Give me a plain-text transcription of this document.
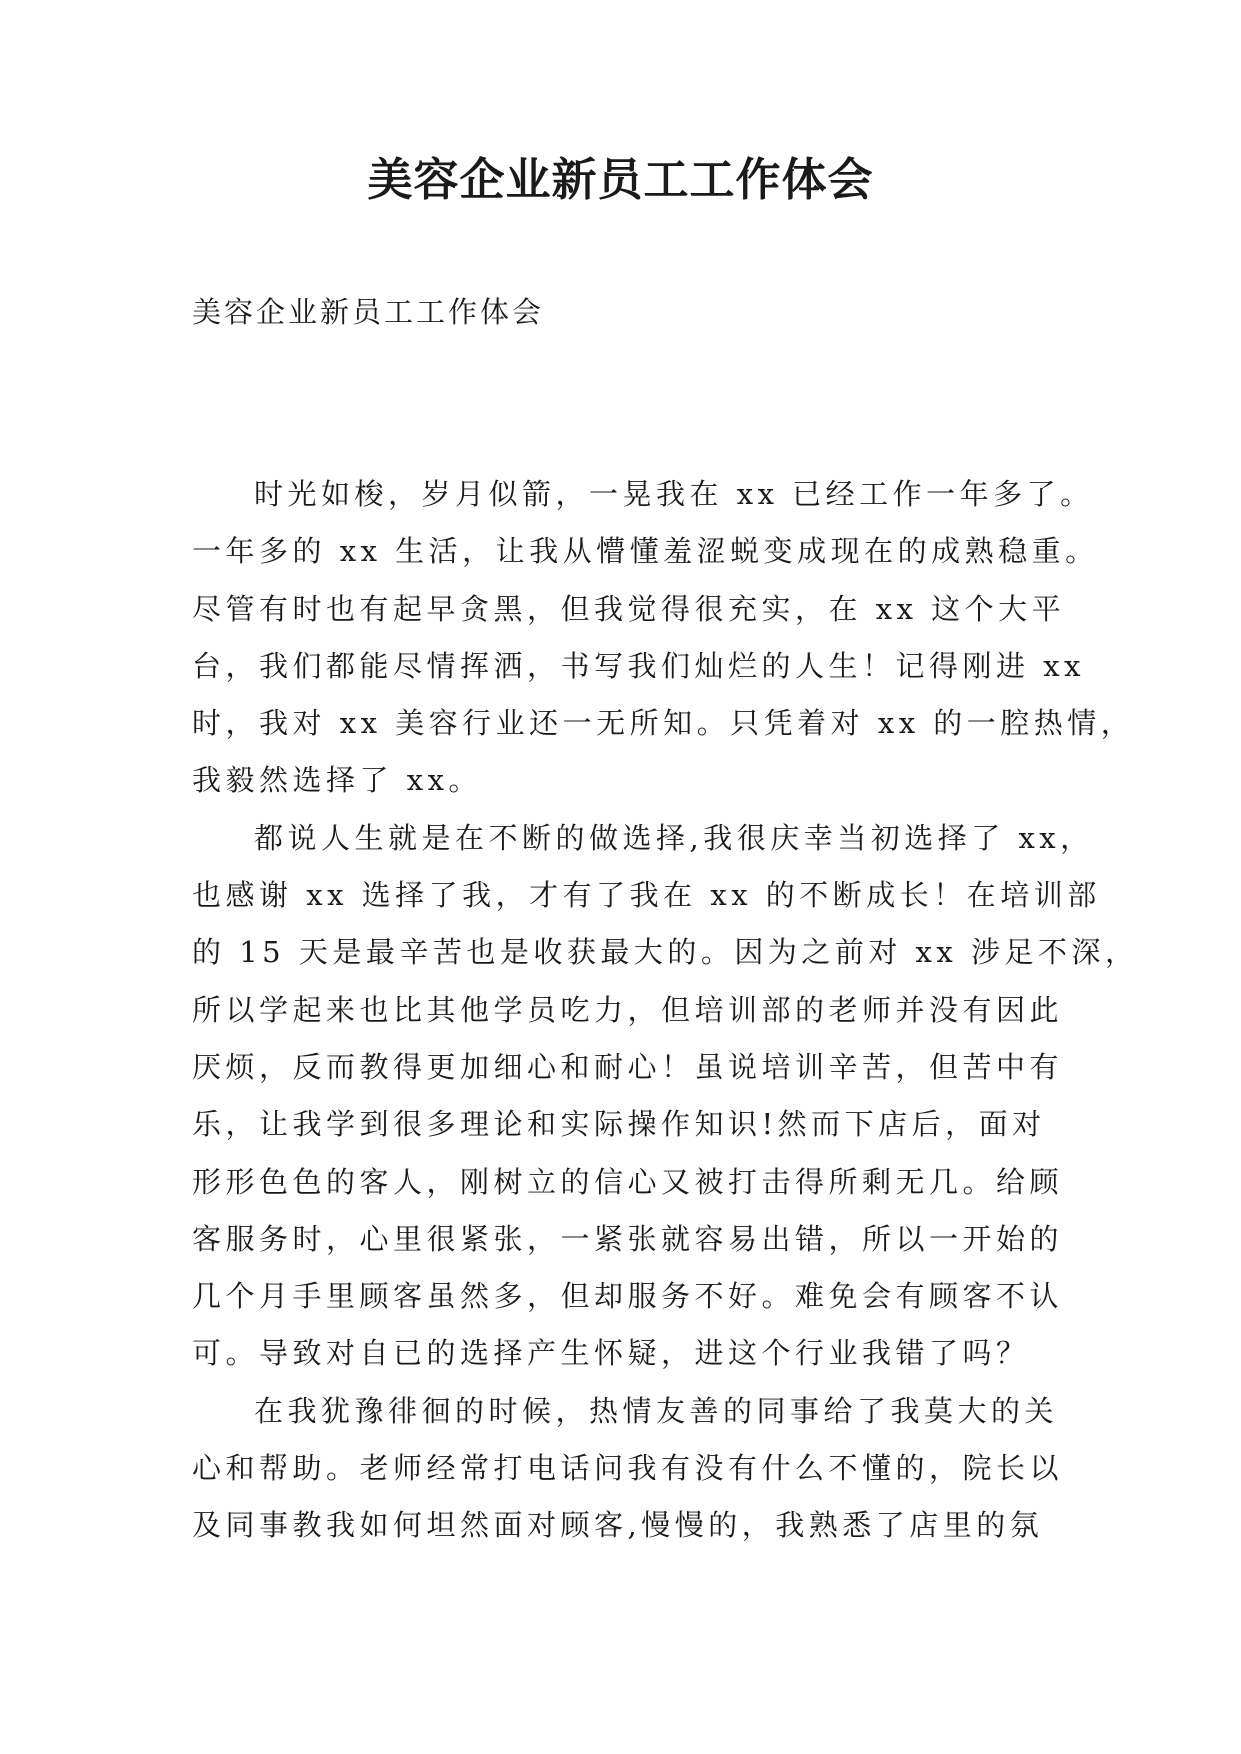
美容企业新员工工作体会

美容企业新员工工作体会

时光如梭，岁月似箭，一晃我在 xx 已经工作一年多了。
一年多的 xx 生活，让我从懵懂羞涩蜕变成现在的成熟稳重。
尽管有时也有起早贪黑，但我觉得很充实，在 xx 这个大平
台，我们都能尽情挥洒，书写我们灿烂的人生！记得刚进 xx
时，我对 xx 美容行业还一无所知。只凭着对 xx 的一腔热情，
我毅然选择了 xx。
都说人生就是在不断的做选择,我很庆幸当初选择了 xx，
也感谢 xx 选择了我，才有了我在 xx 的不断成长！在培训部
的 15 天是最辛苦也是收获最大的。因为之前对 xx 涉足不深，
所以学起来也比其他学员吃力，但培训部的老师并没有因此
厌烦，反而教得更加细心和耐心！虽说培训辛苦，但苦中有
乐，让我学到很多理论和实际操作知识!然而下店后，面对
形形色色的客人，刚树立的信心又被打击得所剩无几。给顾
客服务时，心里很紧张，一紧张就容易出错，所以一开始的
几个月手里顾客虽然多，但却服务不好。难免会有顾客不认
可。导致对自已的选择产生怀疑，进这个行业我错了吗？
在我犹豫徘徊的时候，热情友善的同事给了我莫大的关
心和帮助。老师经常打电话问我有没有什么不懂的，院长以
及同事教我如何坦然面对顾客,慢慢的，我熟悉了店里的氛
